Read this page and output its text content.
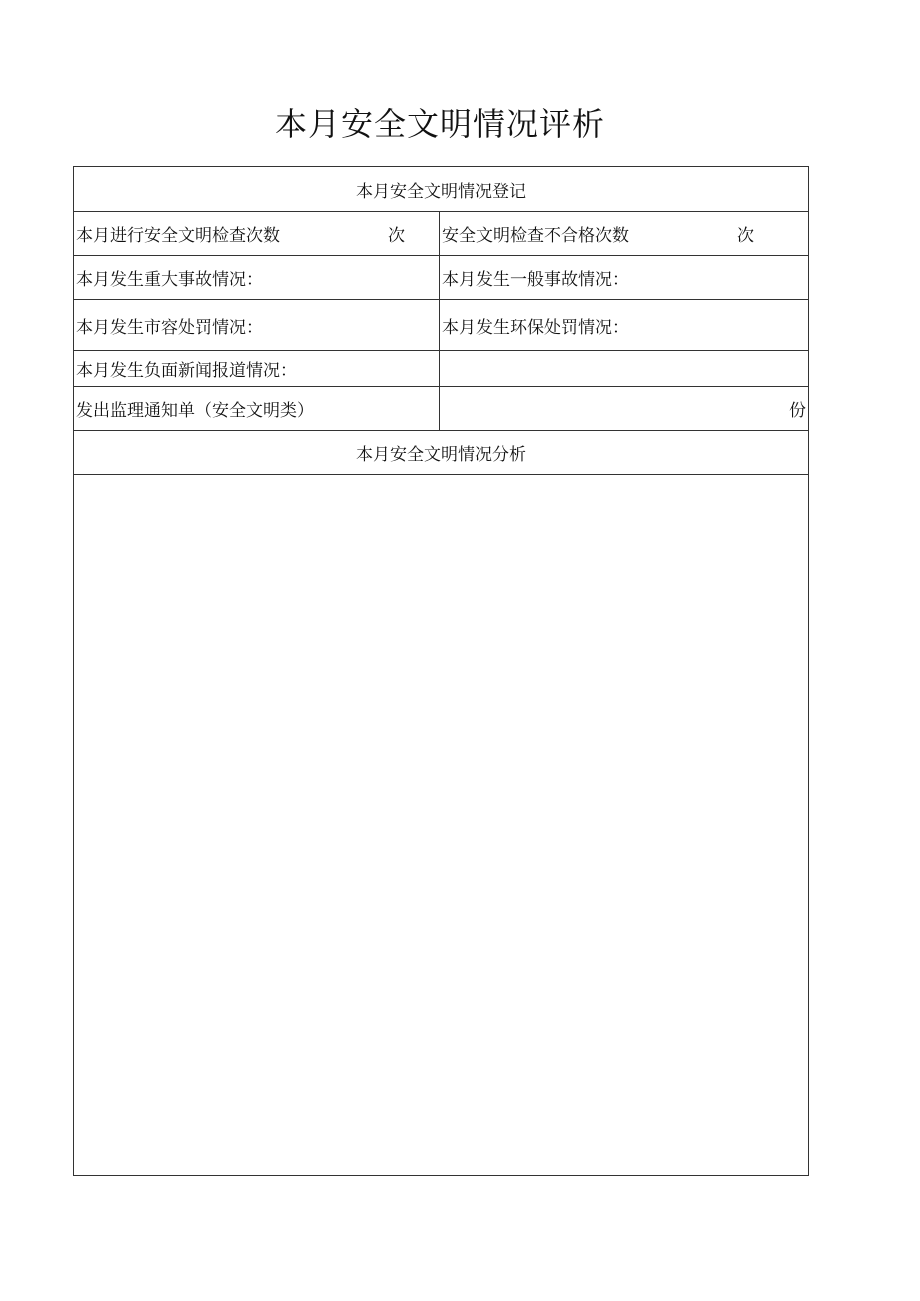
本月安全文明情况评析
本月安全文明情况登记	

本月进行安全文明检查次数 次	安全文明检查不合格次数 次

本月发生重大事故情况：	本月发生一般事故情况：
本月发生市容处罚情况：	本月发生环保处罚情况：
本月发生负面新闻报道情况：	
发出监理通知单（安全文明类）	份
本月安全文明情况分析	
